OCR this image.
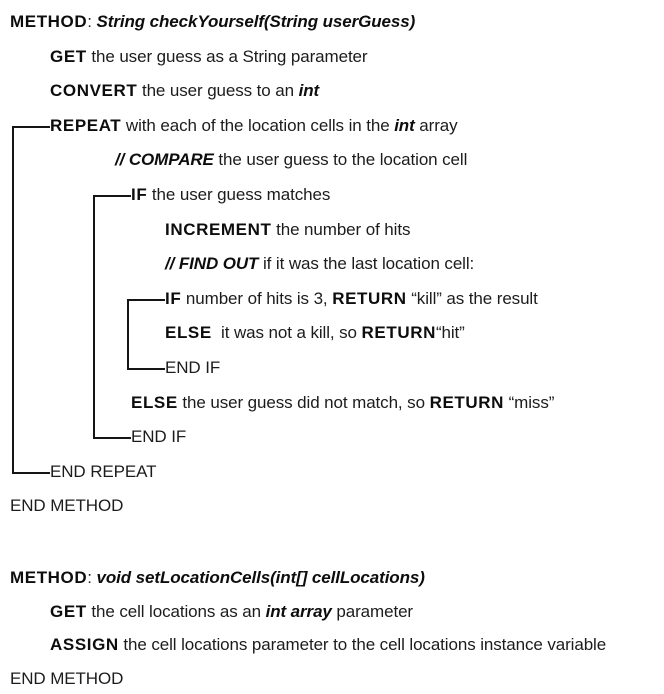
METHOD: String checkYourself(String userGuess)
GET the user guess as a String parameter
CONVERT the user guess to an int
REPEAT with each of the location cells in the int array
// COMPARE the user guess to the location cell
IF the user guess matches
INCREMENT the number of hits
// FIND OUT if it was the last location cell:
IF number of hits is 3, RETURN “kill” as the result
ELSE  it was not a kill, so RETURN“hit”
END IF
ELSE the user guess did not match, so RETURN “miss”
END IF
END REPEAT
END METHOD
METHOD: void setLocationCells(int[] cellLocations)
GET the cell locations as an int array parameter
ASSIGN the cell locations parameter to the cell locations instance variable
END METHOD
